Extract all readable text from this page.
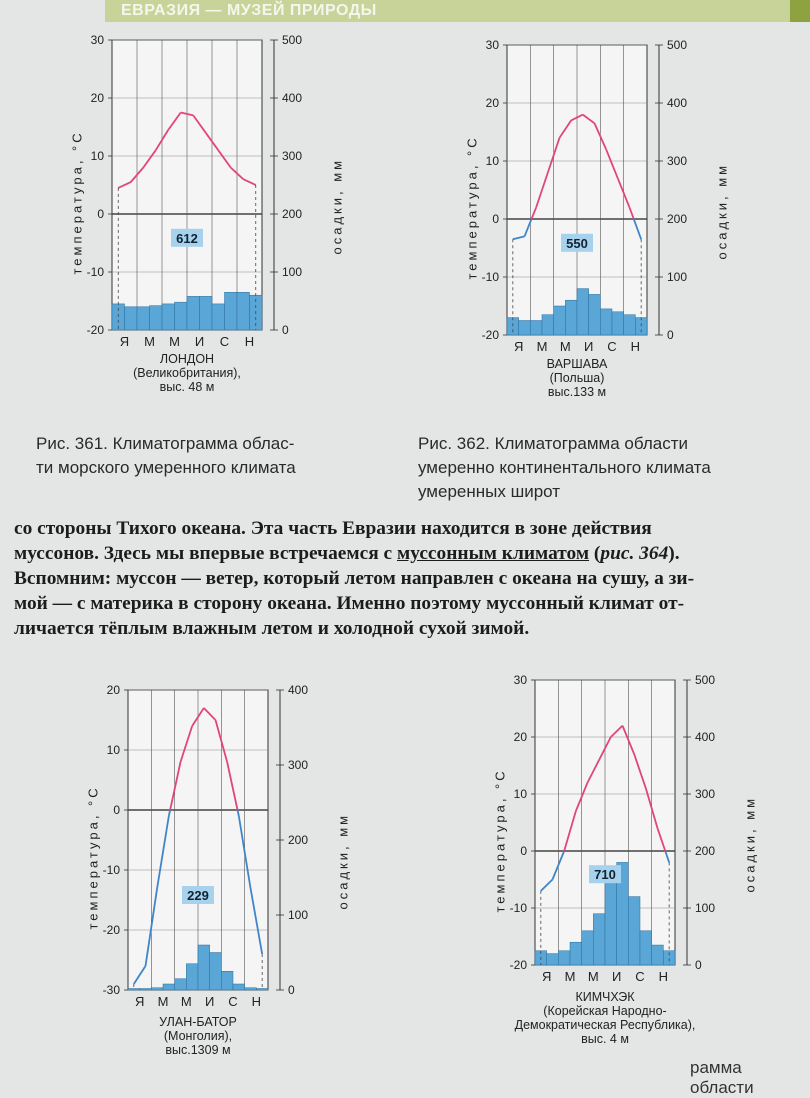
ЕВРАЗИЯ — МУЗЕЙ ПРИРОДЫ
30
20
10
0
-10
-20
500
400
300
200
100
0
612
Я М М И С Н
температура, °С	осадки, мм
ЛОНДОН
(Великобритания),
выс. 48 м
30
20
10
0
-10
-20
500
400
300
200
100
0
550
Я М М И С Н
температура, °С	осадки, мм
ВАРШАВА
(Польша)
выс.133 м
20
10
0
-10
-20
-30
400
300
200
100
0
229
Я М М И С Н
температура, °С	осадки, мм
УЛАН-БАТОР
(Монголия),
выс.1309 м
30
20
10
0
-10
-20
500
400
300
200
100
0
710
Я М М И С Н
температура, °С	осадки, мм
КИМЧХЭК
(Корейская Народно-
Демократическая Республика),
выс. 4 м
Рис. 361. Климатограмма облас-
ти морского умеренного климата
Рис. 362. Климатограмма области
умеренно континентального климата
умеренных широт

со стороны Тихого океана. Эта часть Евразии находится в зоне действия

муссонов. Здесь мы впервые встречаемся с муссонным климатом (рис. 364).

Вспомним: муссон — ветер, который летом направлен с океана на сушу, а зи-

мой — с материка в сторону океана. Именно поэтому муссонный климат от-

личается тёплым влажным летом и холодной сухой зимой.

рамма области
